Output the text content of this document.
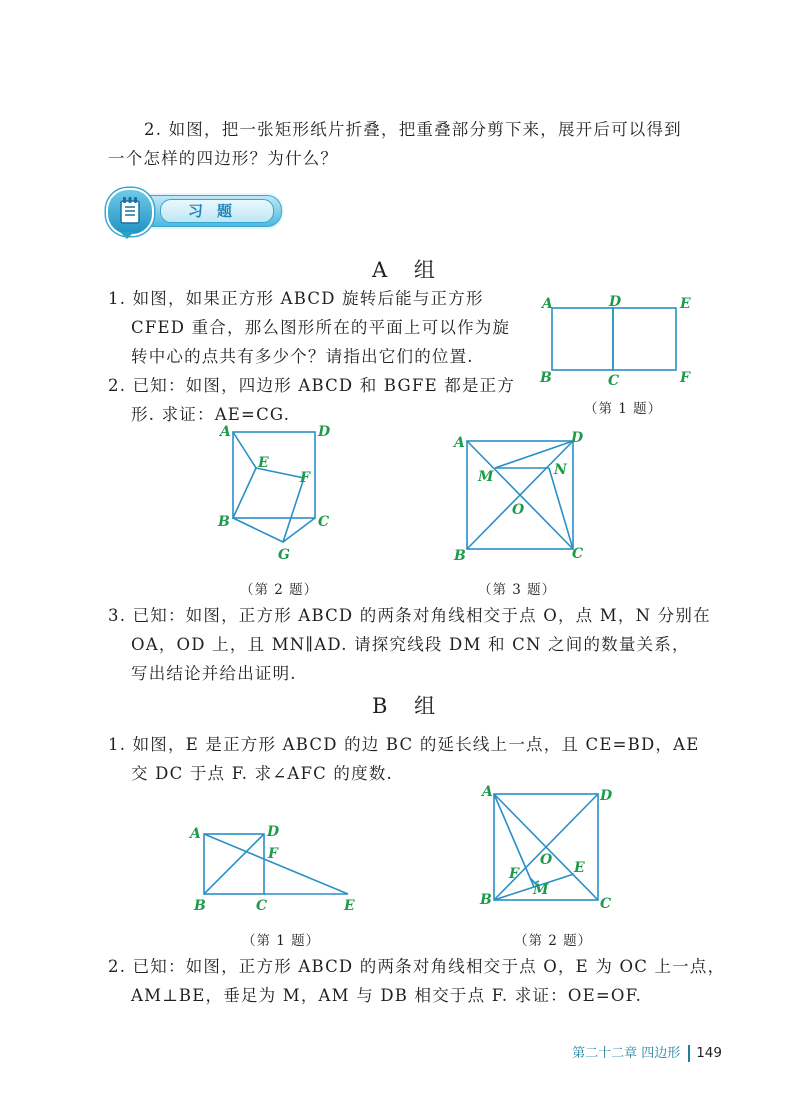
2. 如图，把一张矩形纸片折叠，把重叠部分剪下来，展开后可以得到
一个怎样的四边形？为什么？
习题
A 组
1. 如图，如果正方形 ABCD 旋转后能与正方形
CFED 重合，那么图形所在的平面上可以作为旋
转中心的点共有多少个？请指出它们的位置.
2. 已知：如图，四边形 ABCD 和 BGFE 都是正方
形. 求证：AE=CG.
A	D	E
B	C	F
（第 1 题）
A	D
E
F
B	C
G
（第 2 题）
A	D
M	N
O
B	C
（第 3 题）
3. 已知：如图，正方形 ABCD 的两条对角线相交于点 O，点 M，N 分别在
OA，OD 上，且 MN∥AD. 请探究线段 DM 和 CN 之间的数量关系，
写出结论并给出证明.
B 组
1. 如图，E 是正方形 ABCD 的边 BC 的延长线上一点，且 CE=BD，AE
交 DC 于点 F. 求∠AFC 的度数.
A	D
F
B	C	E
（第 1 题）
A	D
O E
F
M
B	C
（第 2 题）
2. 已知：如图，正方形 ABCD 的两条对角线相交于点 O，E 为 OC 上一点，
AM⊥BE，垂足为 M，AM 与 DB 相交于点 F. 求证：OE=OF.
第二十二章 四边形 149
